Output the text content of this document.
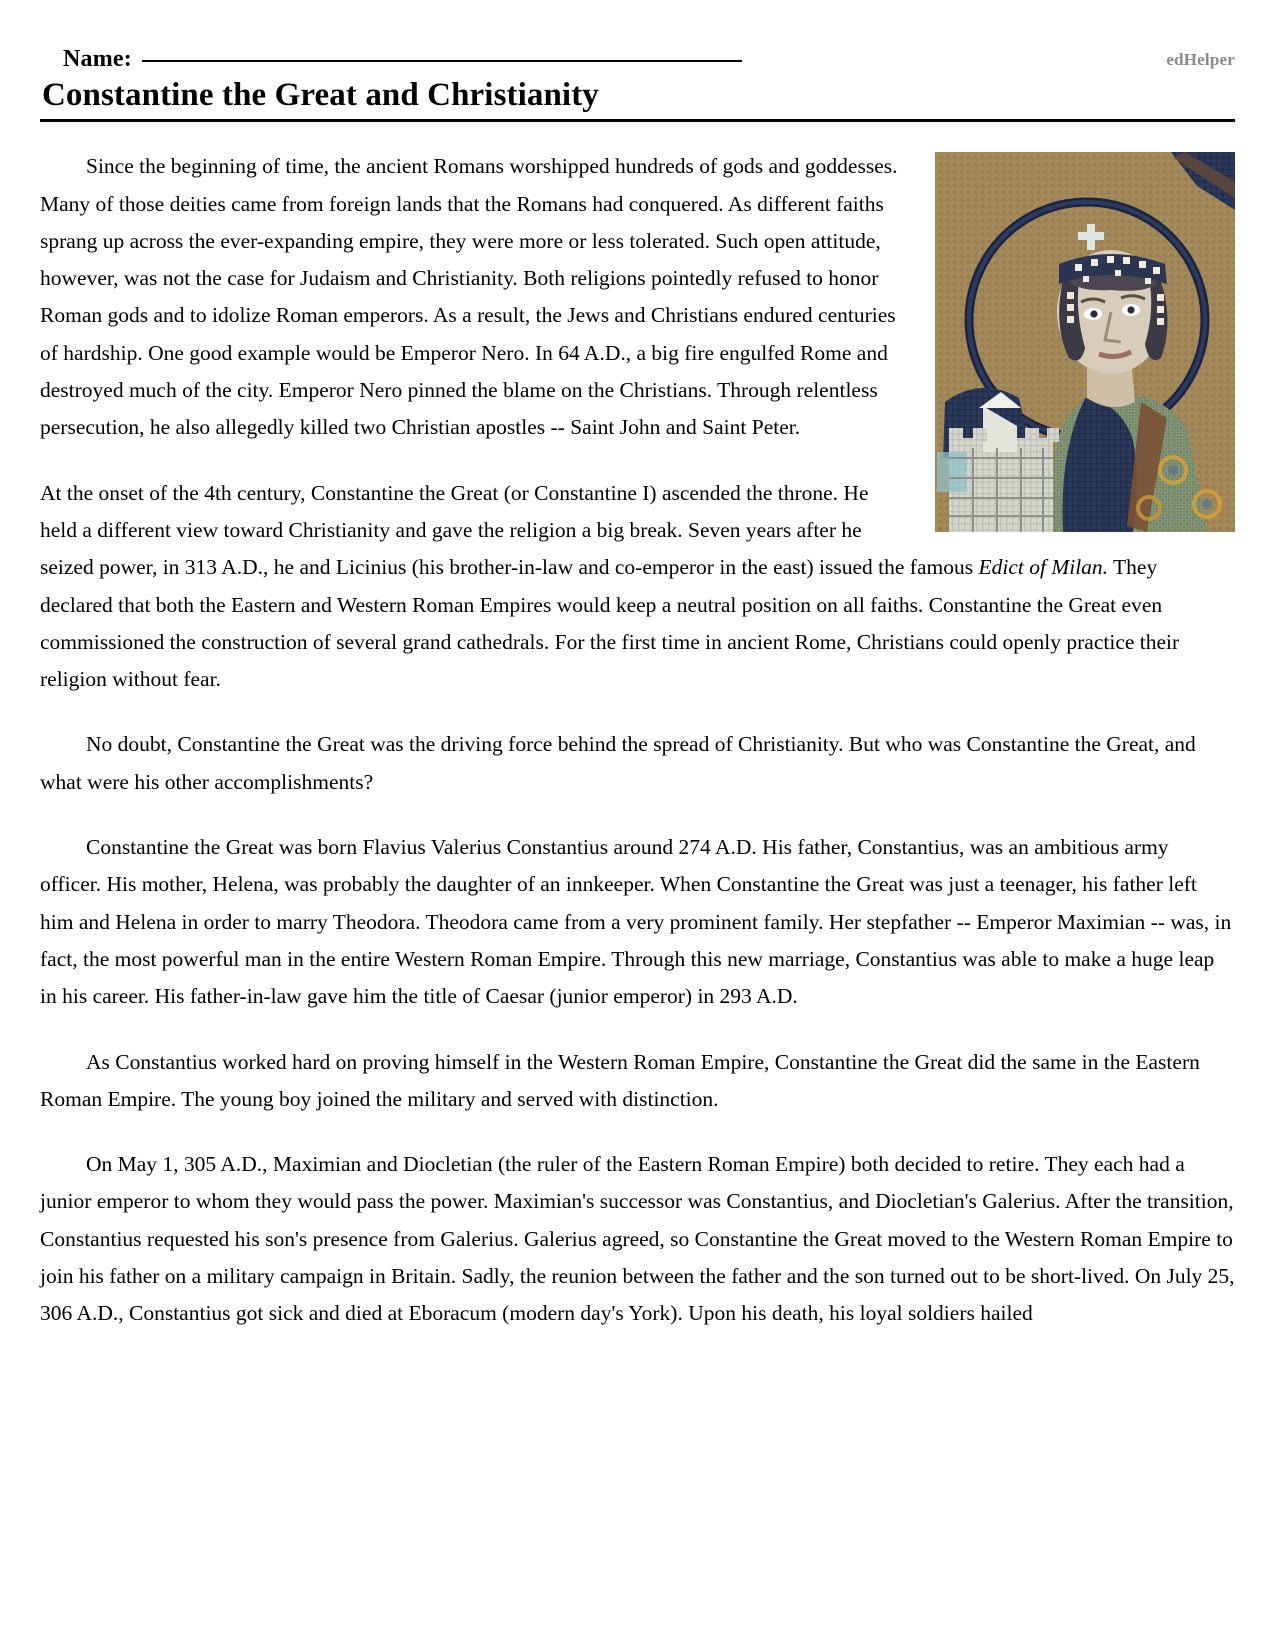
edHelper
Name:
Constantine the Great and Christianity

Since the beginning of time, the ancient Romans worshipped hundreds of gods and goddesses. Many of those deities came from foreign lands that the Romans had conquered. As different faiths sprang up across the ever-expanding empire, they were more or less tolerated. Such open attitude, however, was not the case for Judaism and Christianity. Both religions pointedly refused to honor Roman gods and to idolize Roman emperors. As a result, the Jews and Christians endured centuries of hardship. One good example would be Emperor Nero. In 64 A.D., a big fire engulfed Rome and destroyed much of the city. Emperor Nero pinned the blame on the Christians. Through relentless persecution, he also allegedly killed two Christian apostles -- Saint John and Saint Peter.

At the onset of the 4th century, Constantine the Great (or Constantine I) ascended the throne. He held a different view toward Christianity and gave the religion a big break. Seven years after he seized power, in 313 A.D., he and Licinius (his brother-in-law and co-emperor in the east) issued the famous Edict of Milan. They declared that both the Eastern and Western Roman Empires would keep a neutral position on all faiths. Constantine the Great even commissioned the construction of several grand cathedrals. For the first time in ancient Rome, Christians could openly practice their religion without fear.

No doubt, Constantine the Great was the driving force behind the spread of Christianity. But who was Constantine the Great, and what were his other accomplishments?

Constantine the Great was born Flavius Valerius Constantius around 274 A.D. His father, Constantius, was an ambitious army officer. His mother, Helena, was probably the daughter of an innkeeper. When Constantine the Great was just a teenager, his father left him and Helena in order to marry Theodora. Theodora came from a very prominent family. Her stepfather -- Emperor Maximian -- was, in fact, the most powerful man in the entire Western Roman Empire. Through this new marriage, Constantius was able to make a huge leap in his career. His father-in-law gave him the title of Caesar (junior emperor) in 293 A.D.

As Constantius worked hard on proving himself in the Western Roman Empire, Constantine the Great did the same in the Eastern Roman Empire. The young boy joined the military and served with distinction.

On May 1, 305 A.D., Maximian and Diocletian (the ruler of the Eastern Roman Empire) both decided to retire. They each had a junior emperor to whom they would pass the power. Maximian's successor was Constantius, and Diocletian's Galerius. After the transition, Constantius requested his son's presence from Galerius. Galerius agreed, so Constantine the Great moved to the Western Roman Empire to join his father on a military campaign in Britain. Sadly, the reunion between the father and the son turned out to be short-lived. On July 25, 306 A.D., Constantius got sick and died at Eboracum (modern day's York). Upon his death, his loyal soldiers hailed
